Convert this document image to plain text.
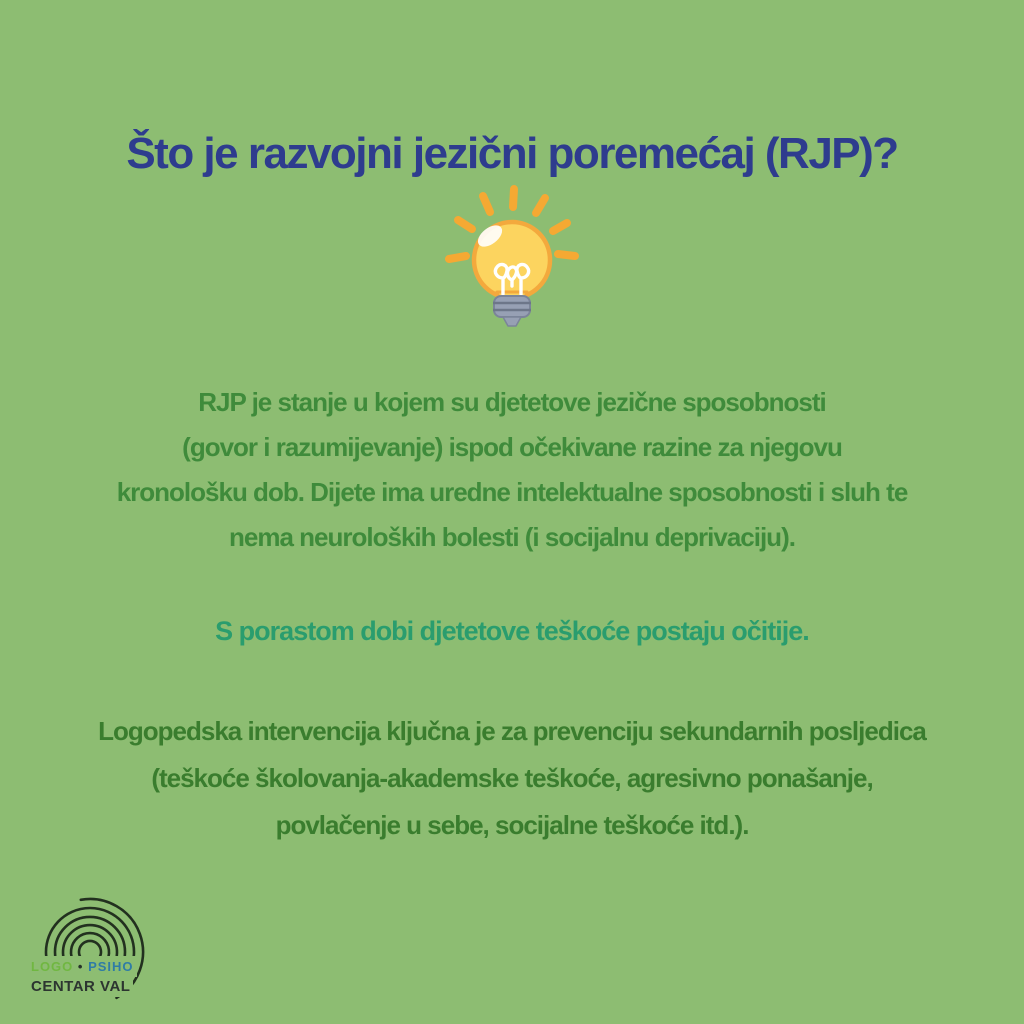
Što je razvojni jezični poremećaj (RJP)?
RJP je stanje u kojem su djetetove jezične sposobnosti
(govor i razumijevanje) ispod očekivane razine za njegovu
kronološku dob. Dijete ima uredne intelektualne sposobnosti i sluh te
nema neuroloških bolesti (i socijalnu deprivaciju).
S porastom dobi djetetove teškoće postaju očitije.
Logopedska intervencija ključna je za prevenciju sekundarnih posljedica
(teškoće školovanja-akademske teškoće, agresivno ponašanje,
povlačenje u sebe, socijalne teškoće itd.).
LOGO • PSIHO
CENTAR VAL
